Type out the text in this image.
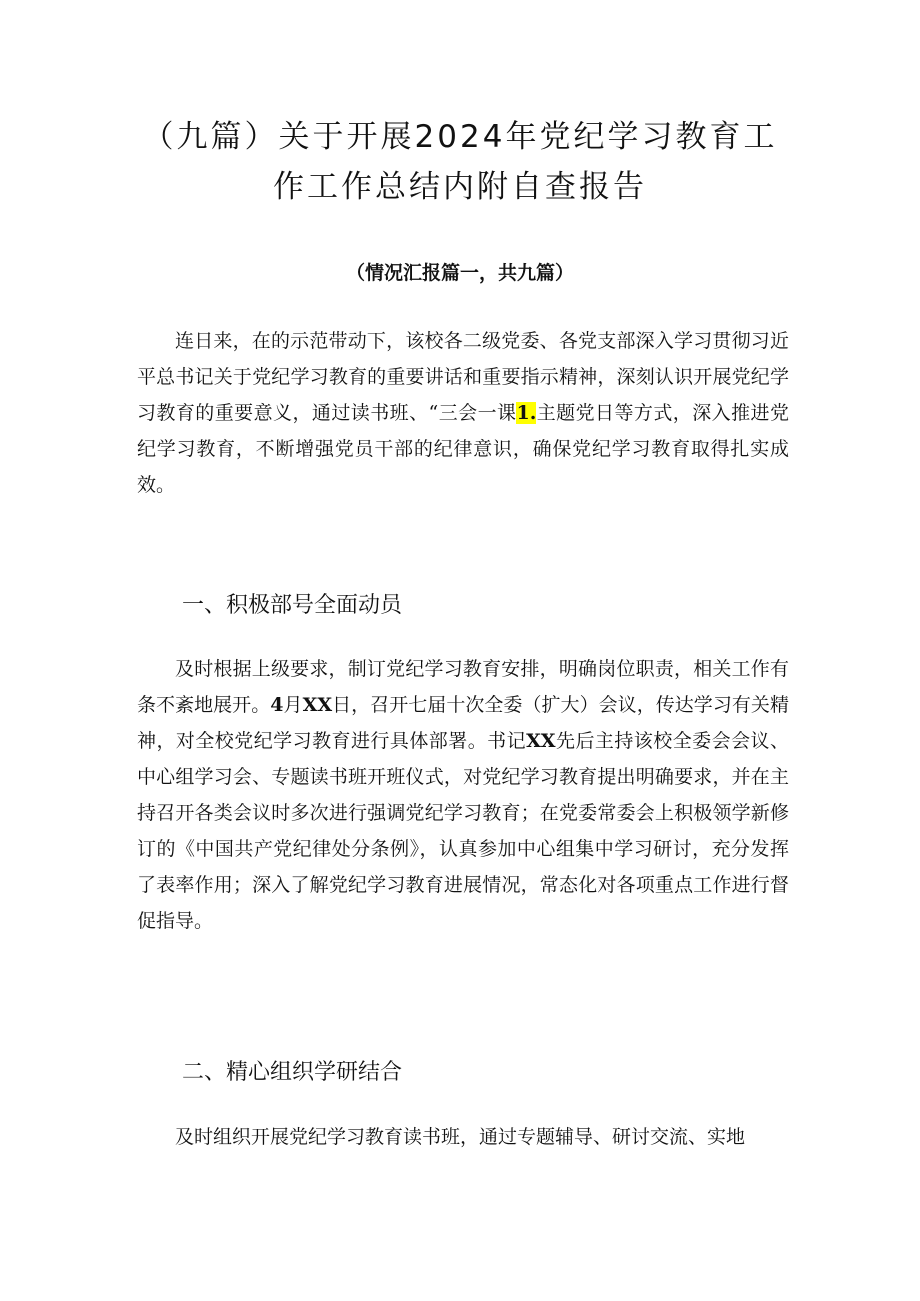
（九篇）关于开展2024年党纪学习教育工
作工作总结内附自查报告

（情况汇报篇一，共九篇）

连日来，在的示范带动下，该校各二级党委、各党支部深入学习贯彻习近平总书记关于党纪学习教育的重要讲话和重要指示精神，深刻认识开展党纪学习教育的重要意义，通过读书班、“三会一课1.主题党日等方式，深入推进党纪学习教育，不断增强党员干部的纪律意识，确保党纪学习教育取得扎实成效。

一、积极部号全面动员

及时根据上级要求，制订党纪学习教育安排，明确岗位职责，相关工作有条不紊地展开。4月XX日，召开七届十次全委（扩大）会议，传达学习有关精神，对全校党纪学习教育进行具体部署。书记XX先后主持该校全委会会议、中心组学习会、专题读书班开班仪式，对党纪学习教育提出明确要求，并在主持召开各类会议时多次进行强调党纪学习教育；在党委常委会上积极领学新修订的《中国共产党纪律处分条例》，认真参加中心组集中学习研讨，充分发挥了表率作用；深入了解党纪学习教育进展情况，常态化对各项重点工作进行督促指导。

二、精心组织学研结合

及时组织开展党纪学习教育读书班，通过专题辅导、研讨交流、实地
